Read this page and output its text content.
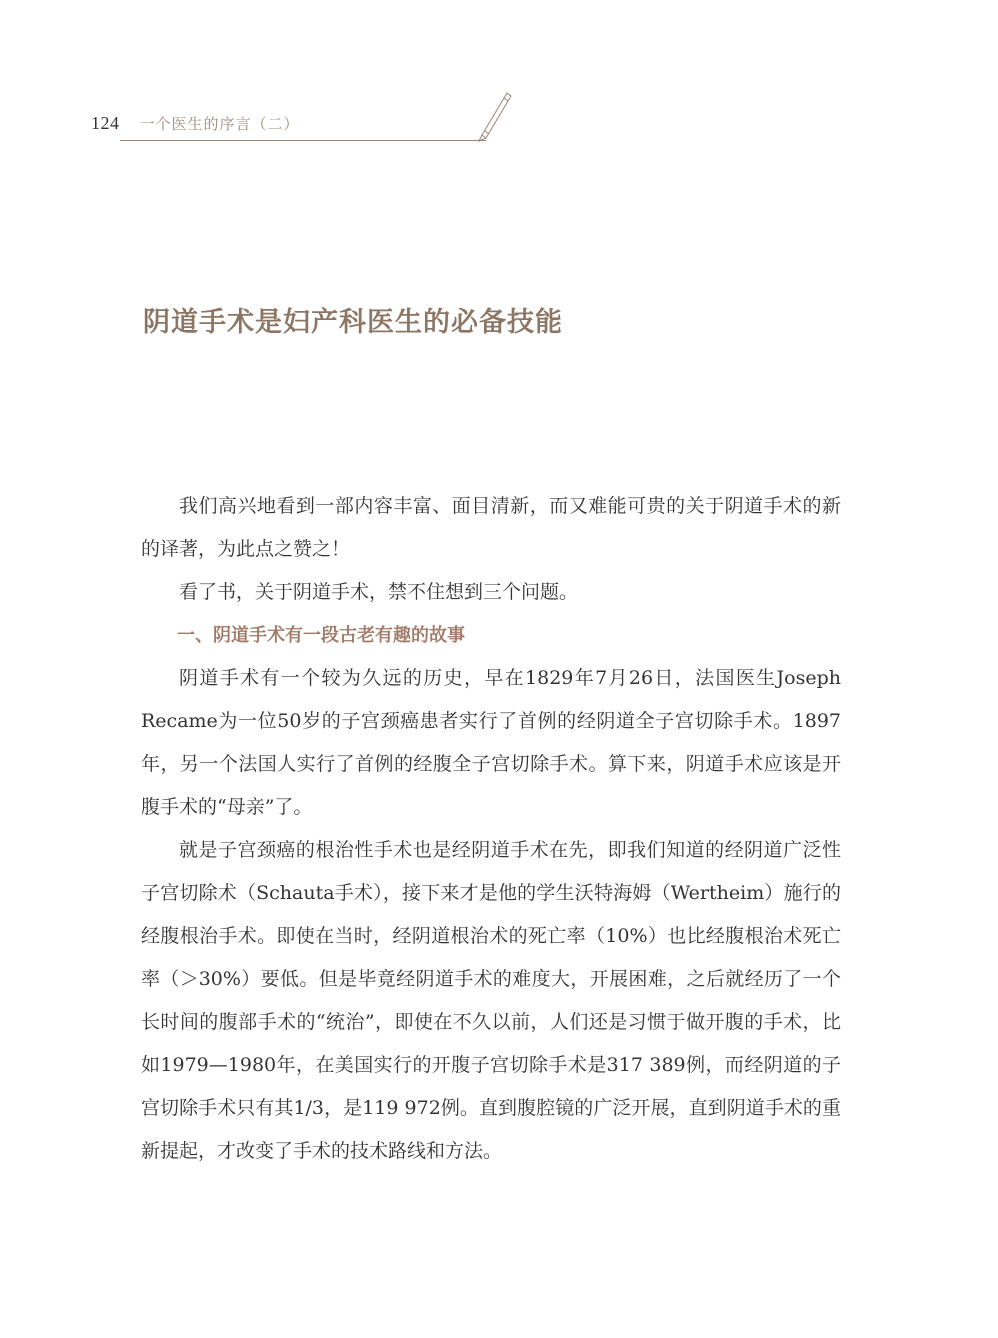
124 一个医生的序言（二）
阴道手术是妇产科医生的必备技能

我们高兴地看到一部内容丰富、面目清新，而又难能可贵的关于阴道手术的新的译著，为此点之赞之！

看了书，关于阴道手术，禁不住想到三个问题。

一、阴道手术有一段古老有趣的故事

阴道手术有一个较为久远的历史，早在1829年7月26日，法国医生Joseph Recame为一位50岁的子宫颈癌患者实行了首例的经阴道全子宫切除手术。1897年，另一个法国人实行了首例的经腹全子宫切除手术。算下来，阴道手术应该是开腹手术的“母亲”了。

就是子宫颈癌的根治性手术也是经阴道手术在先，即我们知道的经阴道广泛性子宫切除术（Schauta手术），接下来才是他的学生沃特海姆（Wertheim）施行的经腹根治手术。即使在当时，经阴道根治术的死亡率（10%）也比经腹根治术死亡率（＞30%）要低。但是毕竟经阴道手术的难度大，开展困难，之后就经历了一个长时间的腹部手术的“统治”，即使在不久以前，人们还是习惯于做开腹的手术，比如1979—1980年，在美国实行的开腹子宫切除手术是317 389例，而经阴道的子宫切除手术只有其1/3，是119 972例。直到腹腔镜的广泛开展，直到阴道手术的重新提起，才改变了手术的技术路线和方法。
